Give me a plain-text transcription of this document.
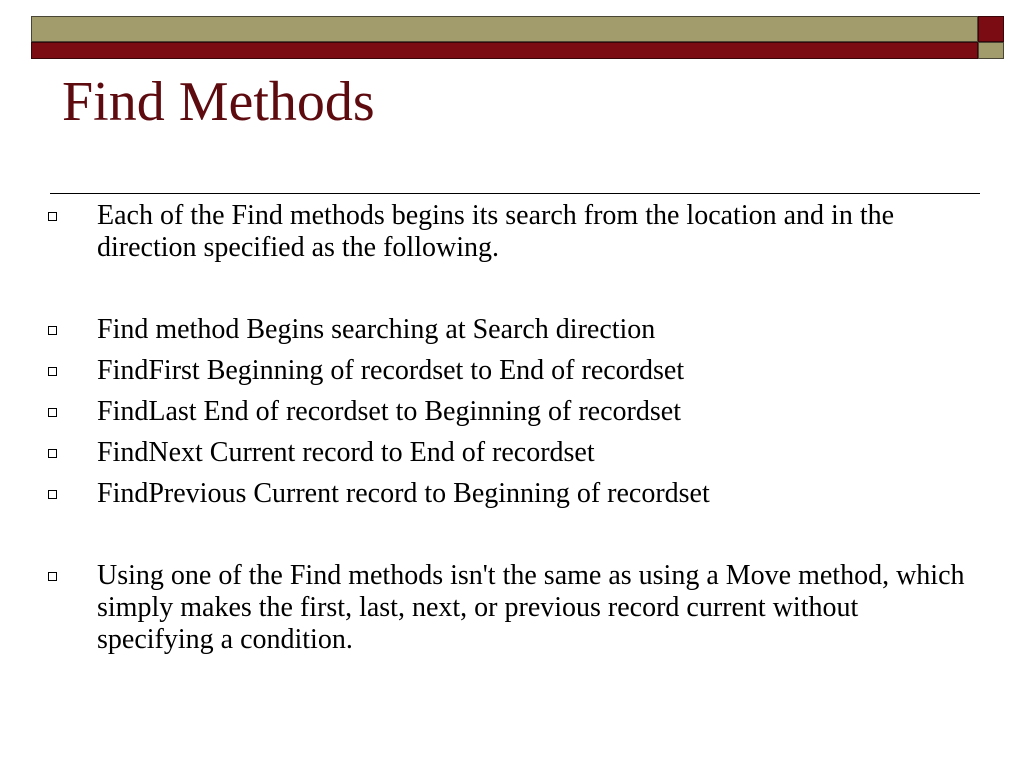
Find Methods

Each of the Find methods begins its search from the location and in the direction specified as the following.

Find method Begins searching at Search direction

FindFirst Beginning of recordset to End of recordset

FindLast End of recordset to Beginning of recordset

FindNext Current record to End of recordset

FindPrevious Current record to Beginning of recordset

Using one of the Find methods isn't the same as using a Move method, which simply makes the first, last, next, or previous record current without specifying a condition.
